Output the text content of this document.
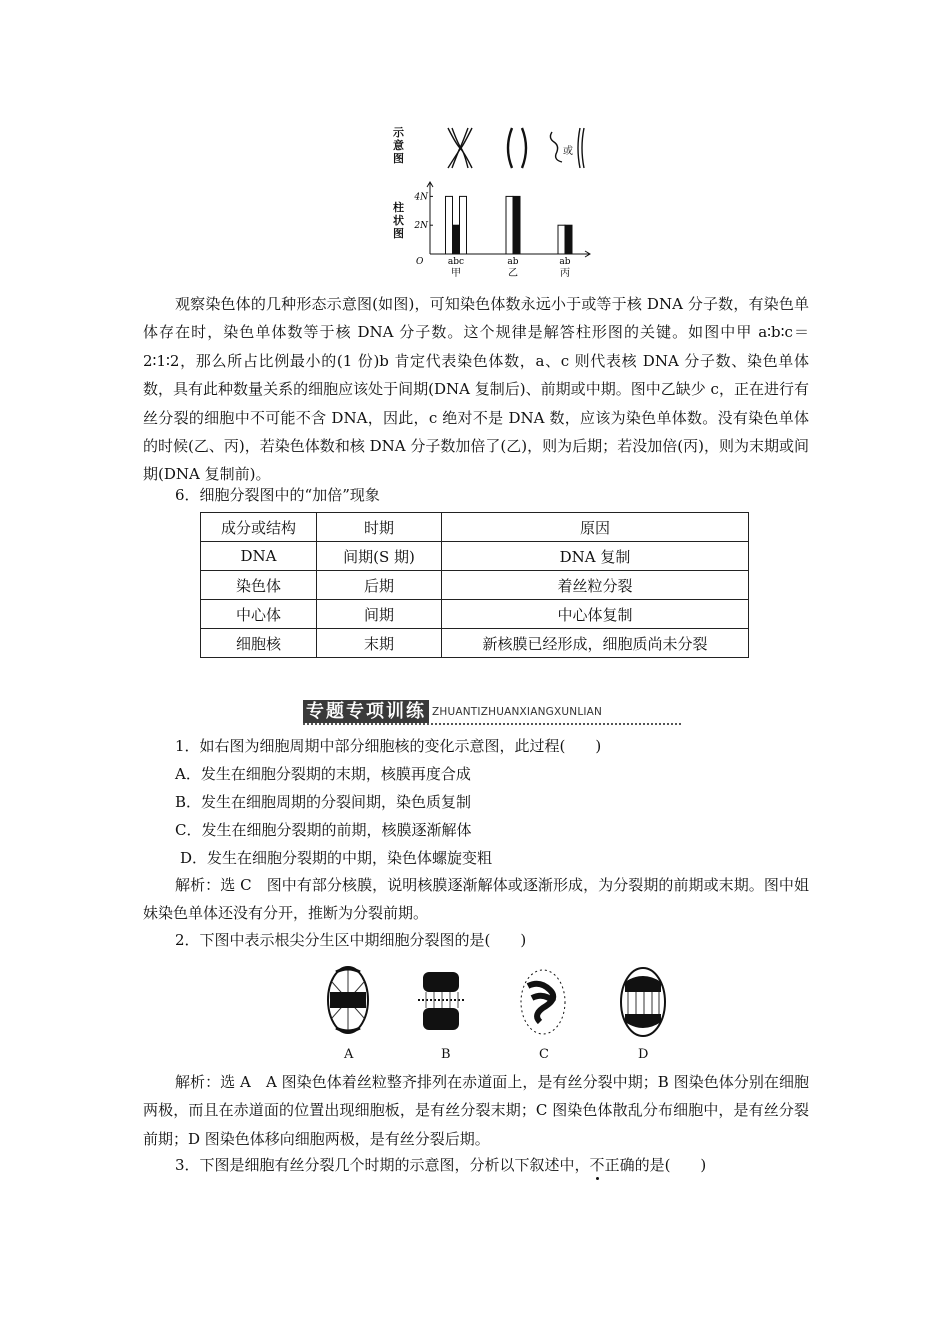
示意图
柱状图
或
4N
2N
O	abc
甲
ab
乙
ab
丙
观察染色体的几种形态示意图(如图)，可知染色体数永远小于或等于核 DNA 分子数，有染色单体存在时，染色单体数等于核 DNA 分子数。这个规律是解答柱形图的关键。如图中甲 a∶b∶c＝2∶1∶2，那么所占比例最小的(1 份)b 肯定代表染色体数，a、c 则代表核 DNA 分子数、染色单体数，具有此种数量关系的细胞应该处于间期(DNA 复制后)、前期或中期。图中乙缺少 c，正在进行有丝分裂的细胞中不可能不含 DNA，因此，c 绝对不是 DNA 数，应该为染色单体数。没有染色单体的时候(乙、丙)，若染色体数和核 DNA 分子数加倍了(乙)，则为后期；若没加倍(丙)，则为末期或间期(DNA 复制前)。
6．细胞分裂图中的“加倍”现象
成分或结构	时期	原因
DNA	间期(S 期)	DNA 复制
染色体	后期	着丝粒分裂
中心体	间期	中心体复制
细胞核	末期	新核膜已经形成，细胞质尚未分裂
专题专项训练 ZHUANTIZHUANXIANGXUNLIAN
1．如右图为细胞周期中部分细胞核的变化示意图，此过程(　　)
A．发生在细胞分裂期的末期，核膜再度合成
B．发生在细胞周期的分裂间期，染色质复制
C．发生在细胞分裂期的前期，核膜逐渐解体
D．发生在细胞分裂期的中期，染色体螺旋变粗
解析：选 C　图中有部分核膜，说明核膜逐渐解体或逐渐形成，为分裂期的前期或末期。图中姐妹染色单体还没有分开，推断为分裂前期。
2．下图中表示根尖分生区中期细胞分裂图的是(　　)
A	B	C	D
解析：选 A　A 图染色体着丝粒整齐排列在赤道面上，是有丝分裂中期；B 图染色体分别在细胞两极，而且在赤道面的位置出现细胞板，是有丝分裂末期；C 图染色体散乱分布细胞中，是有丝分裂前期；D 图染色体移向细胞两极，是有丝分裂后期。
3．下图是细胞有丝分裂几个时期的示意图，分析以下叙述中，不正确的是(　　)
